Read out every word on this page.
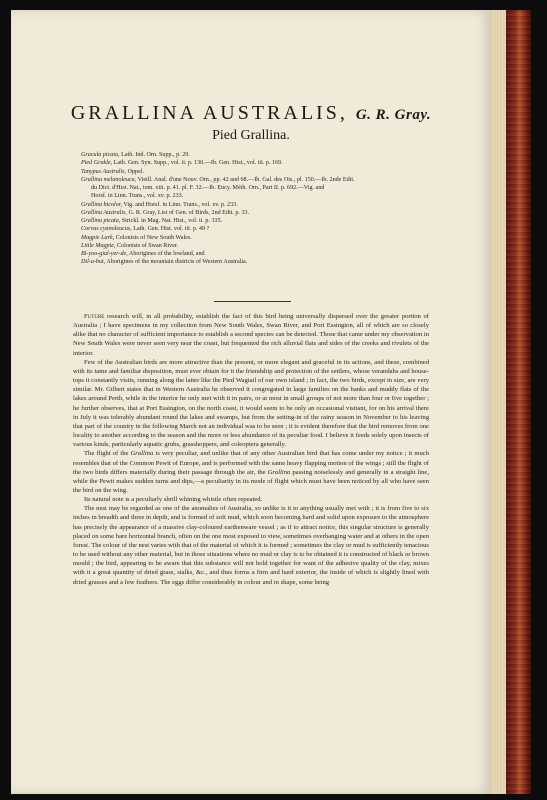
GRALLINA AUSTRALIS, G. R. Gray.
Pied Grallina.
Gracula picata, Lath. Ind. Orn. Supp., p. 29.
Pied Grakle, Lath. Gen. Syn. Supp., vol. ii. p. 130.—Ib. Gen. Hist., vol. iii. p. 169.
Tanypus Australis, Oppel.
Grallina melanoleuca, Vieill. Anal. d'une Nouv. Orn., pp. 42 and 68.—Ib. Gal. des Ois., pl. 150.—Ib. 2nde Edit.
du Dict. d'Hist. Nat., tom. xiii. p. 41. pl. F. 32.—Ib. Ency. Méth. Orn., Part II. p. 692.—Vig. and
Horsf. in Linn. Trans., vol. xv. p. 233.
Grallina bicolor, Vig. and Horsf. in Linn. Trans., vol. xv. p. 233.
Grallina Australis, G. R. Gray, List of Gen. of Birds, 2nd Edit. p. 33.
Grallina picata, Strickl. in Mag. Nat. Hist., vol. ii. p. 335.
Corvus cyanoleucus, Lath. Gen. Hist. vol. iii. p. 49 ?
Magpie Lark, Colonists of New South Wales.
Little Magpie, Colonists of Swan River.
Bl-yoo-gial-yer-de, Aborigines of the lowland, and
Dil-a-but, Aborigines of the mountain districts of Western Australia.

Future research will, in all probability, establish the fact of this bird being universally dispersed over the greater portion of Australia ; I have specimens in my collection from New South Wales, Swan River, and Port Essington, all of which are so closely alike that no character of sufficient importance to establish a second species can be detected. Those that came under my observation in New South Wales were never seen very near the coast, but frequented the rich alluvial flats and sides of the creeks and rivulets of the interior.

Few of the Australian birds are more attractive than the present, or more elegant and graceful in its actions, and these, combined with its tame and familiar disposition, must ever obtain for it the friendship and protection of the settlers, whose verandahs and house-tops it constantly visits, running along the latter like the Pied Wagtail of our own island ; in fact, the two birds, except in size, are very similar. Mr. Gilbert states that in Western Australia he observed it congregated in large families on the banks and muddy flats of the lakes around Perth, while in the interior he only met with it in pairs, or at most in small groups of not more than four or five together ; he further observes, that at Port Essington, on the north coast, it would seem to be only an occasional visitant, for on his arrival there in July it was tolerably abundant round the lakes and swamps, but from the setting-in of the rainy season in November to his leaving that part of the country in the following March not an individual was to be seen ; it is evident therefore that the bird removes from one locality to another according to the season and the more or less abundance of its peculiar food. I believe it feeds solely upon insects of various kinds, particularly aquatic grubs, grasshoppers, and coleoptera generally.

The flight of the Grallina is very peculiar, and unlike that of any other Australian bird that has come under my notice ; it much resembles that of the Common Pewit of Europe, and is performed with the same heavy flapping motion of the wings ; still the flight of the two birds differs materially during their passage through the air, the Grallina passing noiselessly and generally in a straight line, while the Pewit makes sudden turns and dips,—a peculiarity in its mode of flight which must have been noticed by all who have seen the bird on the wing.

Its natural note is a peculiarly shrill whining whistle often repeated.

The nest may be regarded as one of the anomalies of Australia, so unlike is it to anything usually met with ; it is from five to six inches in breadth and three in depth, and is formed of soft mud, which soon becoming hard and solid upon exposure to the atmosphere has precisely the appearance of a massive clay-coloured earthenware vessel ; as if to attract notice, this singular structure is generally placed on some bare horizontal branch, often on the one most exposed to view, sometimes overhanging water and at others in the open forest. The colour of the nest varies with that of the material of which it is formed ; sometimes the clay or mud is sufficiently tenacious to be used without any other material, but in those situations where no mud or clay is to be obtained it is constructed of black or brown mould ; the bird, appearing to be aware that this substance will not hold together for want of the adhesive quality of the clay, mixes with it a great quantity of dried grass, stalks, &c., and thus forms a firm and hard exterior, the inside of which is slightly lined with dried grasses and a few feathers. The eggs differ considerably in colour and in shape, some being
